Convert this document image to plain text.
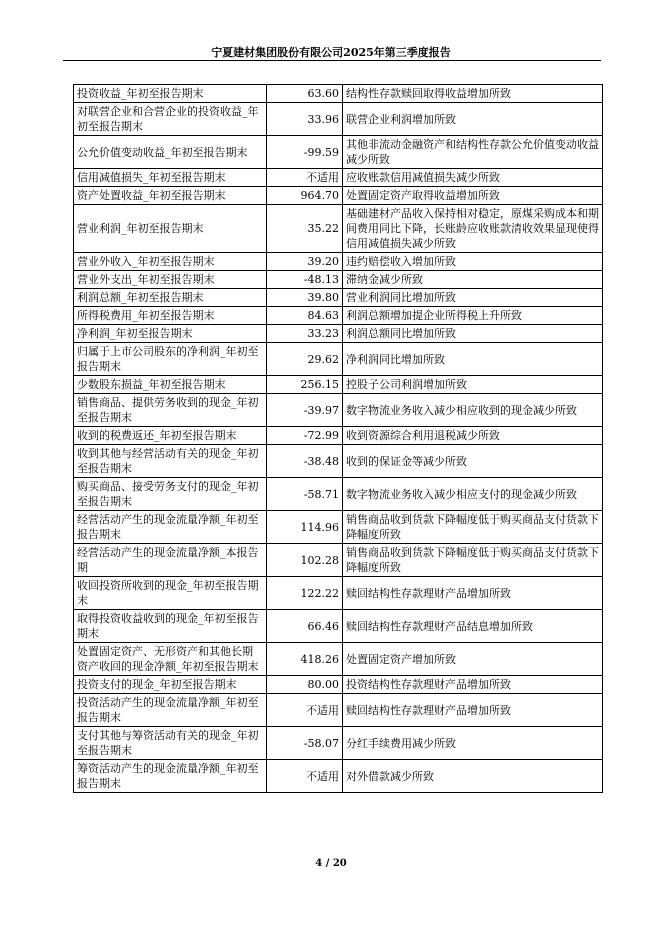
宁夏建材集团股份有限公司2025年第三季度报告
投资收益_年初至报告期末	63.60	结构性存款赎回取得收益增加所致
对联营企业和合营企业的投资收益_年初至报告期末	33.96	联营企业利润增加所致
公允价值变动收益_年初至报告期末	-99.59	其他非流动金融资产和结构性存款公允价值变动收益减少所致
信用减值损失_年初至报告期末	不适用	应收账款信用减值损失减少所致
资产处置收益_年初至报告期末	964.70	处置固定资产取得收益增加所致
营业利润_年初至报告期末	35.22	基础建材产品收入保持相对稳定，原煤采购成本和期间费用同比下降，长账龄应收账款清收效果显现使得信用减值损失减少所致
营业外收入_年初至报告期末	39.20	违约赔偿收入增加所致
营业外支出_年初至报告期末	-48.13	滞纳金减少所致
利润总额_年初至报告期末	39.80	营业利润同比增加所致
所得税费用_年初至报告期末	84.63	利润总额增加提企业所得税上升所致
净利润_年初至报告期末	33.23	利润总额同比增加所致
归属于上市公司股东的净利润_年初至报告期末	29.62	净利润同比增加所致
少数股东损益_年初至报告期末	256.15	控股子公司利润增加所致
销售商品、提供劳务收到的现金_年初至报告期末	-39.97	数字物流业务收入减少相应收到的现金减少所致
收到的税费返还_年初至报告期末	-72.99	收到资源综合利用退税减少所致
收到其他与经营活动有关的现金_年初至报告期末	-38.48	收到的保证金等减少所致
购买商品、接受劳务支付的现金_年初至报告期末	-58.71	数字物流业务收入减少相应支付的现金减少所致
经营活动产生的现金流量净额_年初至报告期末	114.96	销售商品收到货款下降幅度低于购买商品支付货款下降幅度所致
经营活动产生的现金流量净额_本报告期	102.28	销售商品收到货款下降幅度低于购买商品支付货款下降幅度所致
收回投资所收到的现金_年初至报告期末	122.22	赎回结构性存款理财产品增加所致
取得投资收益收到的现金_年初至报告期末	66.46	赎回结构性存款理财产品结息增加所致
处置固定资产、无形资产和其他长期资产收回的现金净额_年初至报告期末	418.26	处置固定资产增加所致
投资支付的现金_年初至报告期末	80.00	投资结构性存款理财产品增加所致
投资活动产生的现金流量净额_年初至报告期末	不适用	赎回结构性存款理财产品增加所致
支付其他与筹资活动有关的现金_年初至报告期末	-58.07	分红手续费用减少所致
筹资活动产生的现金流量净额_年初至报告期末	不适用	对外借款减少所致
4 / 20
